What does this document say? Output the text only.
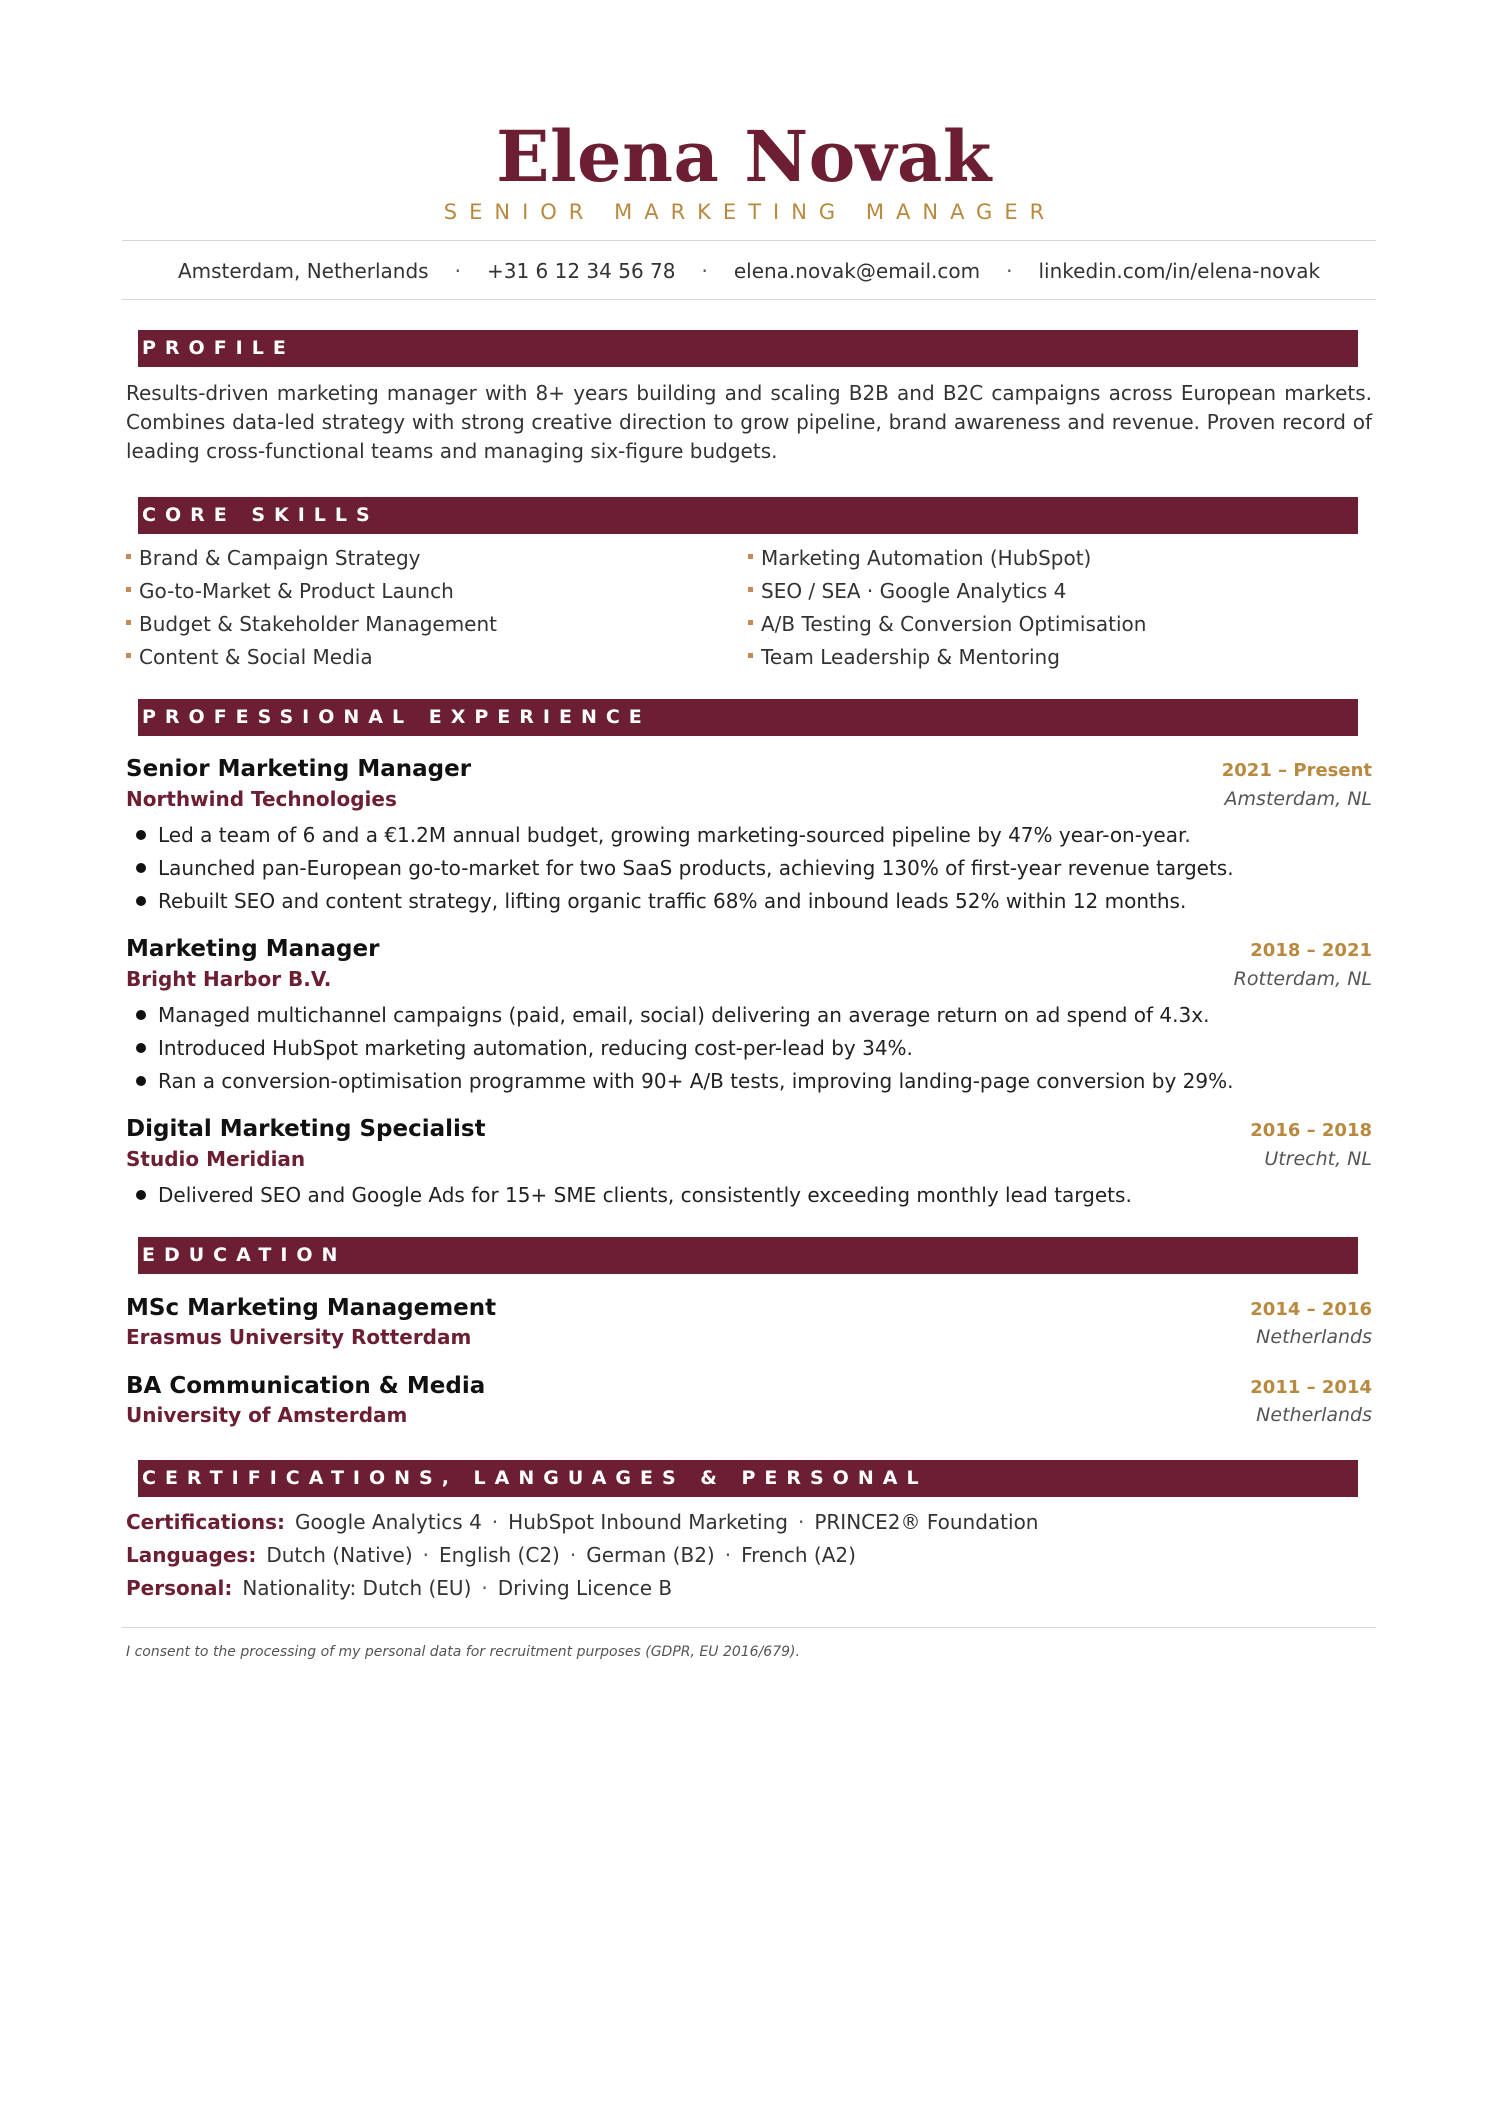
Elena Novak
SENIOR MARKETING MANAGER
Amsterdam, Netherlands · +31 6 12 34 56 78 · elena.novak@email.com · linkedin.com/in/elena-novak
PROFILE
Results-driven marketing manager with 8+ years building and scaling B2B and B2C campaigns across European markets. Combines data-led strategy with strong creative direction to grow pipeline, brand awareness and revenue. Proven record of leading cross-functional teams and managing six-figure budgets.
CORE SKILLS
Brand & Campaign Strategy
Go-to-Market & Product Launch
Budget & Stakeholder Management
Content & Social Media
Marketing Automation (HubSpot)
SEO / SEA · Google Analytics 4
A/B Testing & Conversion Optimisation
Team Leadership & Mentoring
PROFESSIONAL EXPERIENCE
Senior Marketing Manager	2021 – Present
Northwind Technologies	Amsterdam, NL
Led a team of 6 and a €1.2M annual budget, growing marketing-sourced pipeline by 47% year-on-year.
Launched pan-European go-to-market for two SaaS products, achieving 130% of first-year revenue targets.
Rebuilt SEO and content strategy, lifting organic traffic 68% and inbound leads 52% within 12 months.
Marketing Manager	2018 – 2021
Bright Harbor B.V.	Rotterdam, NL
Managed multichannel campaigns (paid, email, social) delivering an average return on ad spend of 4.3x.
Introduced HubSpot marketing automation, reducing cost-per-lead by 34%.
Ran a conversion-optimisation programme with 90+ A/B tests, improving landing-page conversion by 29%.
Digital Marketing Specialist	2016 – 2018
Studio Meridian	Utrecht, NL
Delivered SEO and Google Ads for 15+ SME clients, consistently exceeding monthly lead targets.
EDUCATION
MSc Marketing Management	2014 – 2016
Erasmus University Rotterdam	Netherlands
BA Communication & Media	2011 – 2014
University of Amsterdam	Netherlands
CERTIFICATIONS, LANGUAGES & PERSONAL
Certifications: Google Analytics 4 · HubSpot Inbound Marketing · PRINCE2® Foundation
Languages: Dutch (Native) · English (C2) · German (B2) · French (A2)
Personal: Nationality: Dutch (EU) · Driving Licence B
I consent to the processing of my personal data for recruitment purposes (GDPR, EU 2016/679).
